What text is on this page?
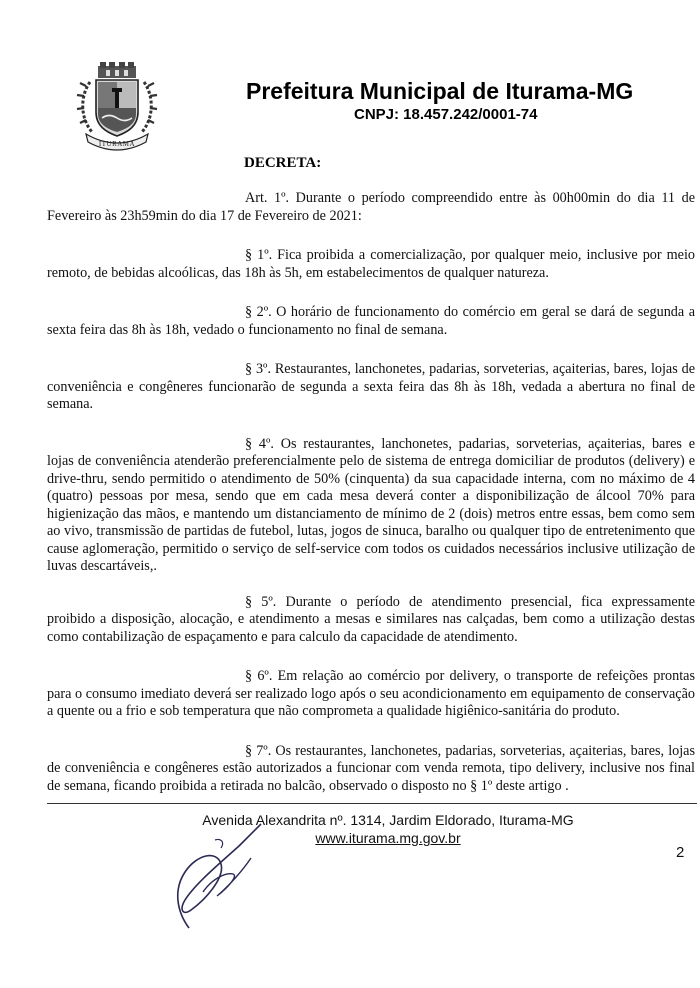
ITURAMA
Prefeitura Municipal de Iturama-MG
CNPJ: 18.457.242/0001-74
DECRETA:

Art. 1º. Durante o período compreendido entre às 00h00min do dia 11 de Fevereiro às 23h59min do dia 17 de Fevereiro de 2021:

§ 1º. Fica proibida a comercialização, por qualquer meio, inclusive por meio remoto, de bebidas alcoólicas, das 18h às 5h, em estabelecimentos de qualquer natureza.

§ 2º. O horário de funcionamento do comércio em geral se dará de segunda a sexta feira das 8h às 18h, vedado o funcionamento no final de semana.

§ 3º. Restaurantes, lanchonetes, padarias, sorveterias, açaiterias, bares, lojas de conveniência e congêneres funcionarão de segunda a sexta feira das 8h às 18h, vedada a abertura no final de semana.

§ 4º. Os restaurantes, lanchonetes, padarias, sorveterias, açaiterias, bares e lojas de conveniência atenderão preferencialmente pelo de sistema de entrega domiciliar de produtos (delivery) e drive-thru, sendo permitido o atendimento de 50% (cinquenta) da sua capacidade interna, com no máximo de 4 (quatro) pessoas por mesa, sendo que em cada mesa deverá conter a disponibilização de álcool 70% para higienização das mãos, e mantendo um distanciamento de mínimo de 2 (dois) metros entre essas, bem como sem ao vivo, transmissão de partidas de futebol, lutas, jogos de sinuca, baralho ou qualquer tipo de entretenimento que cause aglomeração, permitido o serviço de self-service com todos os cuidados necessários inclusive utilização de luvas descartáveis,.

§ 5º. Durante o período de atendimento presencial, fica expressamente proibido a disposição, alocação, e atendimento a mesas e similares nas calçadas, bem como a utilização destas como contabilização de espaçamento e para calculo da capacidade de atendimento.

§ 6º. Em relação ao comércio por delivery, o transporte de refeições prontas para o consumo imediato deverá ser realizado logo após o seu acondicionamento em equipamento de conservação a quente ou a frio e sob temperatura que não comprometa a qualidade higiênico-sanitária do produto.

§ 7º. Os restaurantes, lanchonetes, padarias, sorveterias, açaiterias, bares, lojas de conveniência e congêneres estão autorizados a funcionar com venda remota, tipo delivery, inclusive nos final de semana, ficando proibida a retirada no balcão, observado o disposto no § 1º deste artigo .

Avenida Alexandrita nº. 1314, Jardim Eldorado, Iturama-MG
www.iturama.mg.gov.br
2
